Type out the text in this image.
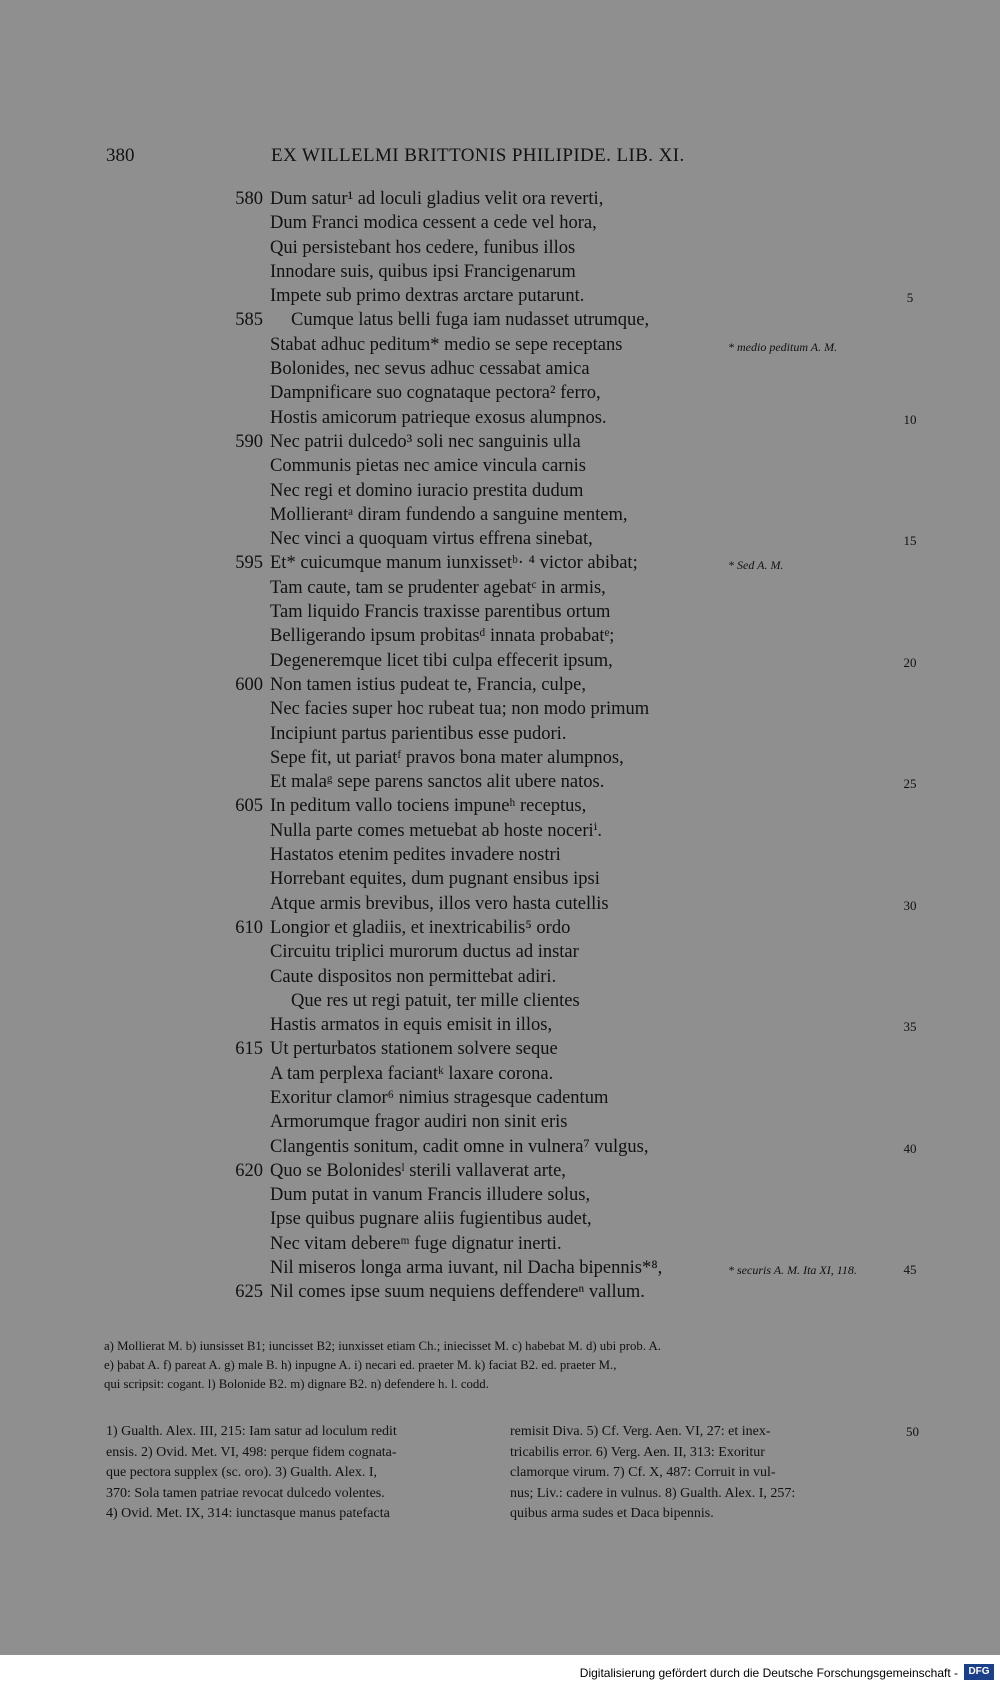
380	EX WILLELMI BRITTONIS PHILIPIDE. LIB. XI.
580 Dum satur¹ ad loculi gladius velit ora reverti,
Dum Franci modica cessent a cede vel hora,
Qui persistebant hos cedere, funibus illos
Innodare suis, quibus ipsi Francigenarum
Impete sub primo dextras arctare putarunt.	5
585 Cumque latus belli fuga iam nudasset utrumque,
Stabat adhuc peditum* medio se sepe receptans	* medio peditum A. M.
Bolonides, nec sevus adhuc cessabat amica
Dampnificare suo cognataque pectora² ferro,
Hostis amicorum patrieque exosus alumpnos.	10
590 Nec patrii dulcedo³ soli nec sanguinis ulla
Communis pietas nec amice vincula carnis
Nec regi et domino iuracio prestita dudum
Mollierantᵃ diram fundendo a sanguine mentem,
Nec vinci a quoquam virtus effrena sinebat,	15
595 Et* cuicumque manum iunxissetᵇ· ⁴ victor abibat;	* Sed A. M.
Tam caute, tam se prudenter agebatᶜ in armis,
Tam liquido Francis traxisse parentibus ortum
Belligerando ipsum probitasᵈ innata probabatᵉ;
Degeneremque licet tibi culpa effecerit ipsum,	20
600 Non tamen istius pudeat te, Francia, culpe,
Nec facies super hoc rubeat tua; non modo primum
Incipiunt partus parientibus esse pudori.
Sepe fit, ut pariatᶠ pravos bona mater alumpnos,
Et malaᵍ sepe parens sanctos alit ubere natos.	25
605 In peditum vallo tociens impuneʰ receptus,
Nulla parte comes metuebat ab hoste noceriⁱ.
Hastatos etenim pedites invadere nostri
Horrebant equites, dum pugnant ensibus ipsi
Atque armis brevibus, illos vero hasta cutellis	30
610 Longior et gladiis, et inextricabilis⁵ ordo
Circuitu triplici murorum ductus ad instar
Caute dispositos non permittebat adiri.
Que res ut regi patuit, ter mille clientes
Hastis armatos in equis emisit in illos,	35
615 Ut perturbatos stationem solvere seque
A tam perplexa faciantᵏ laxare corona.
Exoritur clamor⁶ nimius stragesque cadentum
Armorumque fragor audiri non sinit eris
Clangentis sonitum, cadit omne in vulnera⁷ vulgus,	40
620 Quo se Bolonidesˡ sterili vallaverat arte,
Dum putat in vanum Francis illudere solus,
Ipse quibus pugnare aliis fugientibus audet,
Nec vitam debereᵐ fuge dignatur inerti.
Nil miseros longa arma iuvant, nil Dacha bipennis*⁸,	* securis A. M. Ita XI, 118.	45
625 Nil comes ipse suum nequiens deffendereⁿ vallum.
a) Mollierat M. b) iunsisset B1; iuncisset B2; iunxisset etiam Ch.; iniecisset M. c) habebat M. d) ubi prob. A.
e) þabat A. f) pareat A. g) male B. h) inpugne A. i) necari ed. praeter M. k) faciat B2. ed. praeter M.,
qui scripsit: cogant. l) Bolonide B2. m) dignare B2. n) defendere h. l. codd.
1) Gualth. Alex. III, 215: Iam satur ad loculum redit
ensis. 2) Ovid. Met. VI, 498: perque fidem cognata-
que pectora supplex (sc. oro). 3) Gualth. Alex. I,
370: Sola tamen patriae revocat dulcedo volentes.
4) Ovid. Met. IX, 314: iunctasque manus patefacta
remisit Diva. 5) Cf. Verg. Aen. VI, 27: et inex-
tricabilis error. 6) Verg. Aen. II, 313: Exoritur
clamorque virum. 7) Cf. X, 487: Corruit in vul-
nus; Liv.: cadere in vulnus. 8) Gualth. Alex. I, 257:
quibus arma sudes et Daca bipennis.
50
Digitalisierung gefördert durch die Deutsche Forschungsgemeinschaft -	DFG
